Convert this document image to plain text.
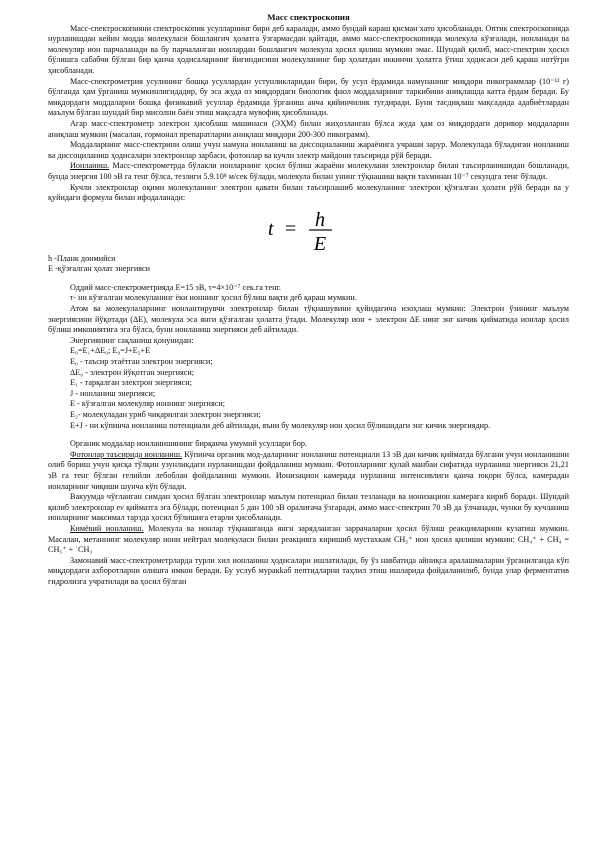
Масс спектроскопия

Масс-спектроскопияни спектроскопик усулларнинг бири деб каралади, аммо бундай караш қисман хато ҳисобланади. Оптик спектроскопияда нурланишдан кейин модда молекуласи бошлангич ҳолатга ўзгармасдан қайтади, аммо масс-спектроскопияда молекула кўзғалади, ионланади ва молекуляр ион парчаланади ва бу парчаланган ионлардан бошлангич молекула ҳосил қилиш мумкин эмас. Шундай қилиб, масс-спектрни ҳосил бўлишга сабабчи бўлган бир қанча ҳодисаларнинг йиғиндисини молекуланинг бир ҳолатдан иккинчи ҳолатга ўтиш ҳодисаси деб қараш нотўғри ҳисобланади.

Масс-спектрометрия усулининг бошқа усуллардан устунликларидан бири, бу усул ёрдамида намунанинг миқдори пикограммлар (10⁻¹² г) бўлганда ҳам ўрганиш мумкинлигидадир, бу эса жуда оз миқдордаги биологик фаол моддаларнинг таркибини аниқлашда катта ёрдам беради. Бу миқдордаги моддаларни бошқа физикавий усуллар ёрдамида ўрганиш анча қийинчилик туғдиради. Буни тасдиқлаш мақсадида адабиётлардан маълум бўлган шундай бир мисолни баён этиш мақсадга мувофиқ ҳисобланади.

Агар масс-спектрометр электрон ҳисоблаш машинаси (ЭҲМ) билан жиҳозланган бўлса жуда ҳам оз миқдордаги доривор моддаларни аниқлаш мумкин (масалан, гормонал препаратларни аниқлаш миқдори 200-300 пикограмм).

Моддаларнинг масс-спектрини олиш учун намуна ионланиш ва диссоциаланиш жараёнига учраши зарур. Молекулада бўладиган ионланиш ва диссоциланиш ҳодисалари электронлар зарбаси, фотонлар ва кучли электр майдони таъсирида рўй беради.

Ионланиш. Масс-спектрометрда бўлакли ионларнинг ҳосил бўлиш жараёни молекулани электронлар билан таъсирланишидан бошланади, бунда энергия 100 эВ га тенг бўлса, тезлиги 5.9.10⁸ м/сек бўлади, молекула билан унинг тўқнашиш вақти тахминан 10⁻⁷ секундга тенг бўлади.

Кучли электронлар оқими молекуланинг электрон қавати билан таъсирлашиб молекуланинг электрон қўзғалган ҳолати рўй беради ва у қуйидаги формула билан ифодаланади:

t = h
E

h -Планк доимийси

E -қўзғалган ҳолат энергияси

Оддий масс-спектрометриядa Е=15 эВ, τ=4×10⁻⁷ сек.га тенг.

τ- ни кўзғалган молекуланинг ёки ионнинг ҳосил бўлиш вақти деб қараш мумкин.

Атом ва молекулаларнинг ионлантирувчи электронлар билан тўқнашувини қуйидагича изоҳлаш мумкин: Электрон ўзининг маълум энергиясини йўқотади (ΔЕ), молекула эса янги қўзғалган ҳолатга ўтади. Молекуляр ион + электрон ΔЕ нинг энг кичик қийматида ионлар ҳосил бўлиш имкониятига эга бўлса, буни ионланиш энергияси деб айтилади.

Энергиянинг сақланиш қонунидан:

Е₀=Е₁+ΔЕ₀; Е₀=J+Е₂+Е

Е₀ - таъсир этаётган электрон энергияси;

ΔЕ₀ - электрон йўқотган энергияси;

Е₁ - тарқалган электрон энергияси;

J - ионланиш энергияси;

Е - кўзғалган молекуляр ионнинг энергияси;

Е₂- молекуладан уриб чиқарилган электрон энергияси;

Е+J - ни кўпинча ионланиш потенциали деб айтилади, яъни бу молекуляр ион ҳосил бўлишидаги энг кичик энергиядир.

Органик моддалар ионланишининг бирқанча умумий усуллари бор.

Фотонлар таъсирида ионланиш. Кўпинча органик мод-даларнинг ионланиш потенциали 13 эВ дан кичик қийматда бўлгани учун ионланишни олиб бориш учун қисқа тўлқин узунликдаги нурланишдан фойдаланиш мумкин. Фотонларнинг қулай манбаи сифатида нурланиш энергияси 21,21 эВ га тенг бўлган гелийли лебоблан фойдаланиш мумкин. Ионизацион камерада нурланиш интенсивлиги қанча юқори бўлса, камерадан ионларнинг чиқиши шунча кўп бўлади.

Вакуумда чўғланган симдан ҳосил бўлган электронлар маълум потенциал билан тезланади ва ионизацион камерага кириб боради. Шундай қилиб электронлар eν қийматга эга бўлади, потенциал 5 дан 100 эВ оралиғача ўзгаради, аммо масс-спектрни 70 эВ да ўлчанади, чунки бу кучланиш ионларнинг максимал тарзда ҳосил бўлишига етарли ҳисобланади.

Кимёвий ионланиш. Молекула ва ионлар тўқнашганда янги зарядланган заррачаларни ҳосил бўлиш реакцияларини кузатиш мумкин. Масалан, метаннинг молекуляр иони нейтрал молекуласи билан реакцияга киришиб мустахкам СН₅⁺ ион ҳосил қилиши мумкин: СН₄⁺ + СН₄ = СН₅⁺ + ˙СН₃

Замонавий масс-спектрометрларда турли хил ионланиш ҳодисалари ишлатилади, бу ўз навбатида айниқса аралашмаларни ўрганилганда кўп миқдордаги ахборотларни олишга имкон беради. Бу услуб муракkаб пептидларни таҳлил этиш ишларида фойдаланилиб, бунда улар ферментатив гидролизга учратилади ва ҳосил бўлган
